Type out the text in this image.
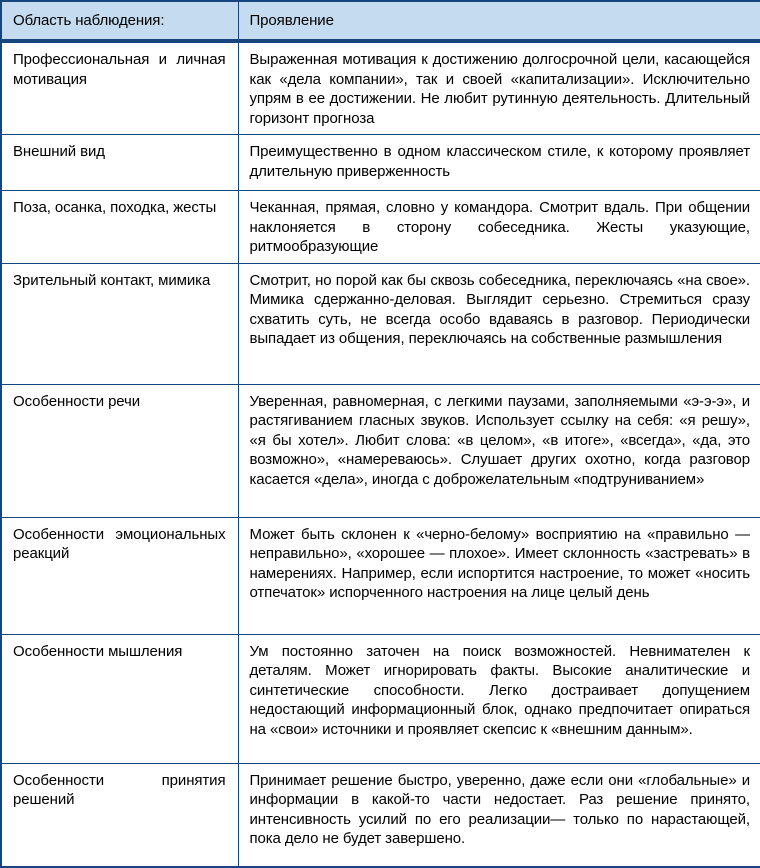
Область наблюдения:	Проявление
Профессиональная и личная мотивация	Выраженная мотивация к достижению долгосрочной цели, касающейся как «дела компании», так и своей «капитализации». Исключительно упрям в ее достижении. Не любит рутинную деятельность. Длительный горизонт прогноза
Внешний вид	Преимущественно в одном классическом стиле, к которому проявляет длительную приверженность
Поза, осанка, походка, жесты	Чеканная, прямая, словно у командора. Смотрит вдаль. При общении наклоняется в сторону собеседника. Жесты указующие, ритмообразующие
Зрительный контакт, мимика	Смотрит, но порой как бы сквозь собеседника, переключаясь «на свое». Мимика сдержанно-деловая. Выглядит серьезно. Стремиться сразу схватить суть, не всегда особо вдаваясь в разговор. Периодически выпадает из общения, переключаясь на собственные размышления
Особенности речи	Уверенная, равномерная, с легкими паузами, заполняемыми «э-э-э», и растягиванием гласных звуков. Использует ссылку на себя: «я решу», «я бы хотел». Любит слова: «в целом», «в итоге», «всегда», «да, это возможно», «намереваюсь». Слушает других охотно, когда разговор касается «дела», иногда с доброжелательным «подтруниванием»
Особенности эмоциональных реакций	Может быть склонен к «черно-белому» восприятию на «правильно — неправильно», «хорошее — плохое». Имеет склонность «застревать» в намерениях. Например, если испортится настроение, то может «носить отпечаток» испорченного настроения на лице целый день
Особенности мышления	Ум постоянно заточен на поиск возможностей. Невнимателен к деталям. Может игнорировать факты. Высокие аналитические и синтетические способности. Легко достраивает допущением недостающий информационный блок, однако предпочитает опираться на «свои» источники и проявляет скепсис к «внешним данным».
Особенности принятия решений	Принимает решение быстро, уверенно, даже если они «глобальные» и информации в какой-то части недостает. Раз решение принято, интенсивность усилий по его реализации— только по нарастающей, пока дело не будет завершено.
